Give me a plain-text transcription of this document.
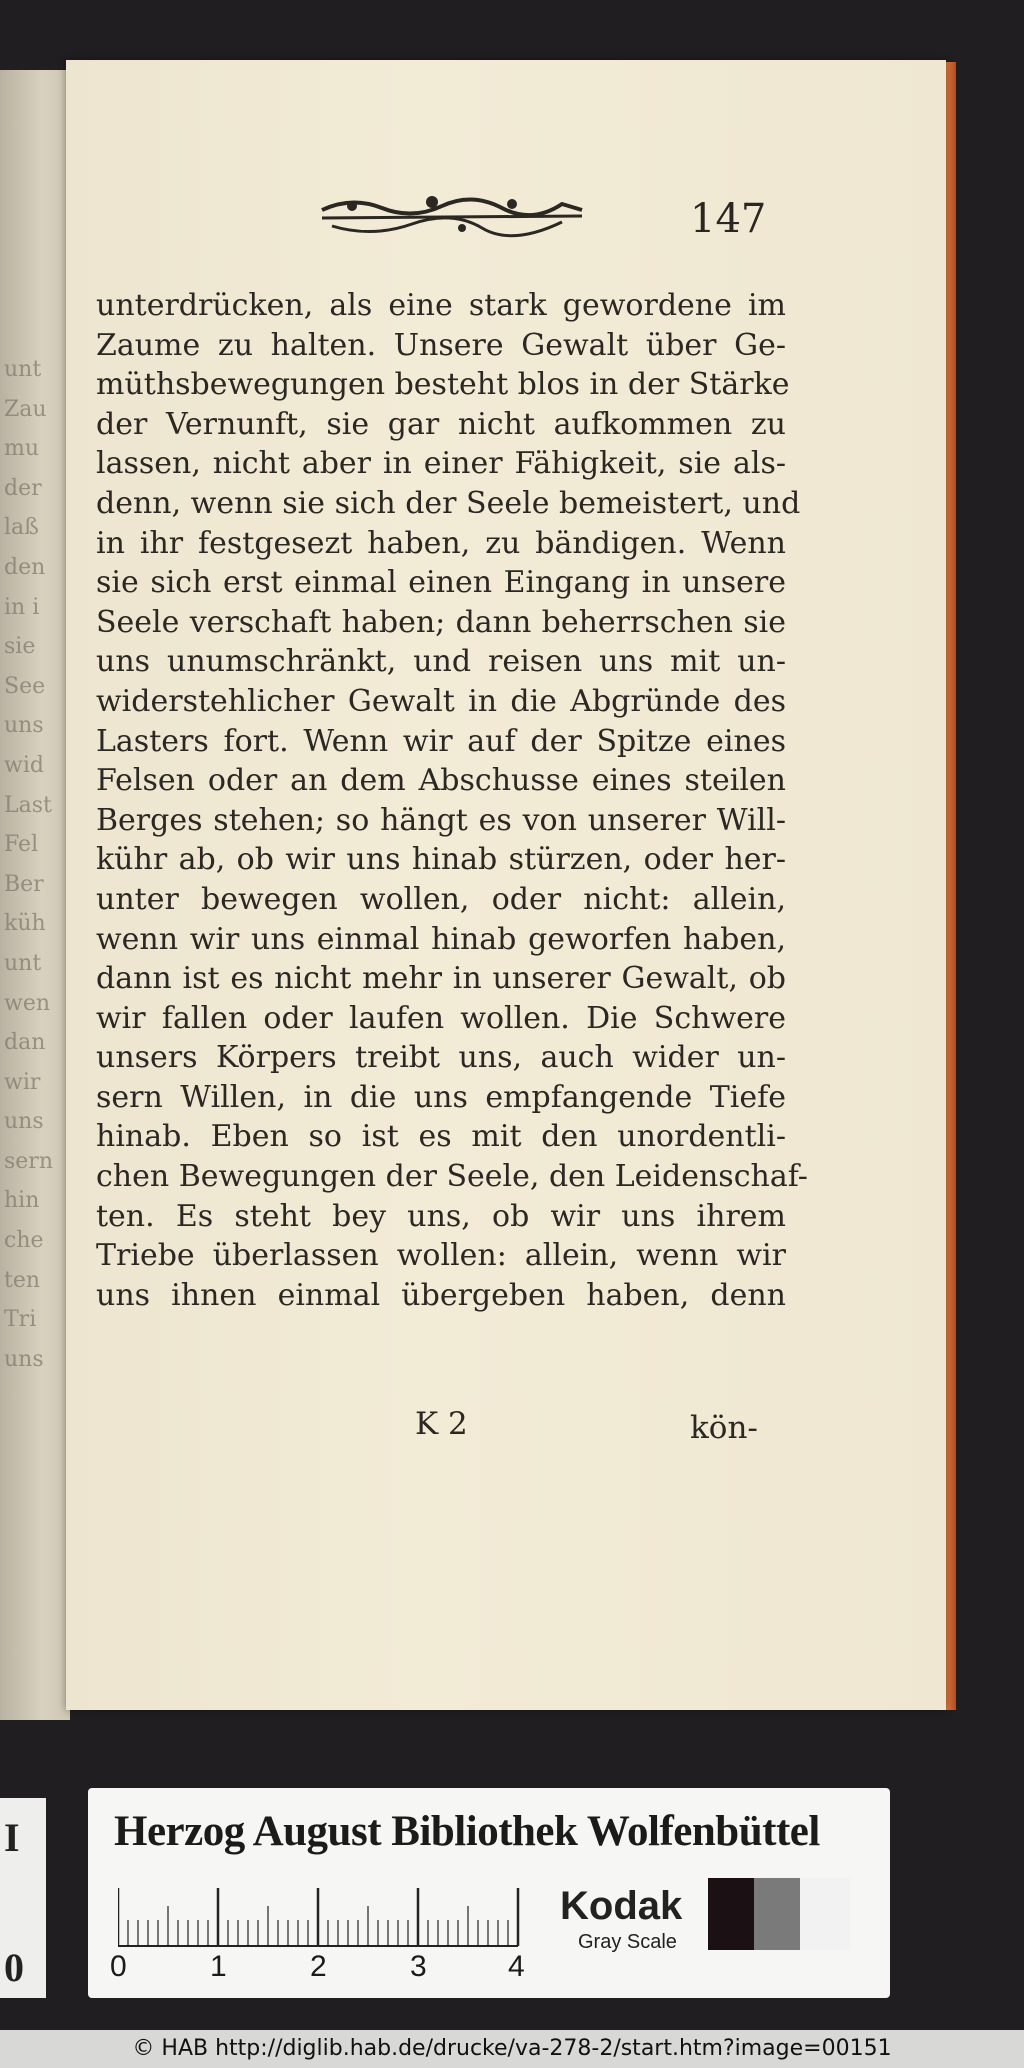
unt
Zau
mu
der
laß
den
in i
sie
See
uns
wid
Last
Fel
Ber
küh
unt
wen
dan
wir
uns
sern
hin
che
ten
Tri
uns
147
unterdrücken, als eine stark gewordene im
Zaume zu halten. Unsere Gewalt über Ge-
müthsbewegungen besteht blos in der Stärke
der Vernunft, sie gar nicht aufkommen zu
lassen, nicht aber in einer Fähigkeit, sie als-
denn, wenn sie sich der Seele bemeistert, und
in ihr festgesezt haben, zu bändigen. Wenn
sie sich erst einmal einen Eingang in unsere
Seele verschaft haben; dann beherrschen sie
uns unumschränkt, und reisen uns mit un-
widerstehlicher Gewalt in die Abgründe des
Lasters fort. Wenn wir auf der Spitze eines
Felsen oder an dem Abschusse eines steilen
Berges stehen; so hängt es von unserer Will-
kühr ab, ob wir uns hinab stürzen, oder her-
unter bewegen wollen, oder nicht: allein,
wenn wir uns einmal hinab geworfen haben,
dann ist es nicht mehr in unserer Gewalt, ob
wir fallen oder laufen wollen. Die Schwere
unsers Körpers treibt uns, auch wider un-
sern Willen, in die uns empfangende Tiefe
hinab. Eben so ist es mit den unordentli-
chen Bewegungen der Seele, den Leidenschaf-
ten. Es steht bey uns, ob wir uns ihrem
Triebe überlassen wollen: allein, wenn wir
uns ihnen einmal übergeben haben, denn
K 2	kön-
I
0
Herzog August Bibliothek Wolfenbüttel
0	1	2	3	4
Kodak
Gray Scale
© HAB http://diglib.hab.de/drucke/va-278-2/start.htm?image=00151
